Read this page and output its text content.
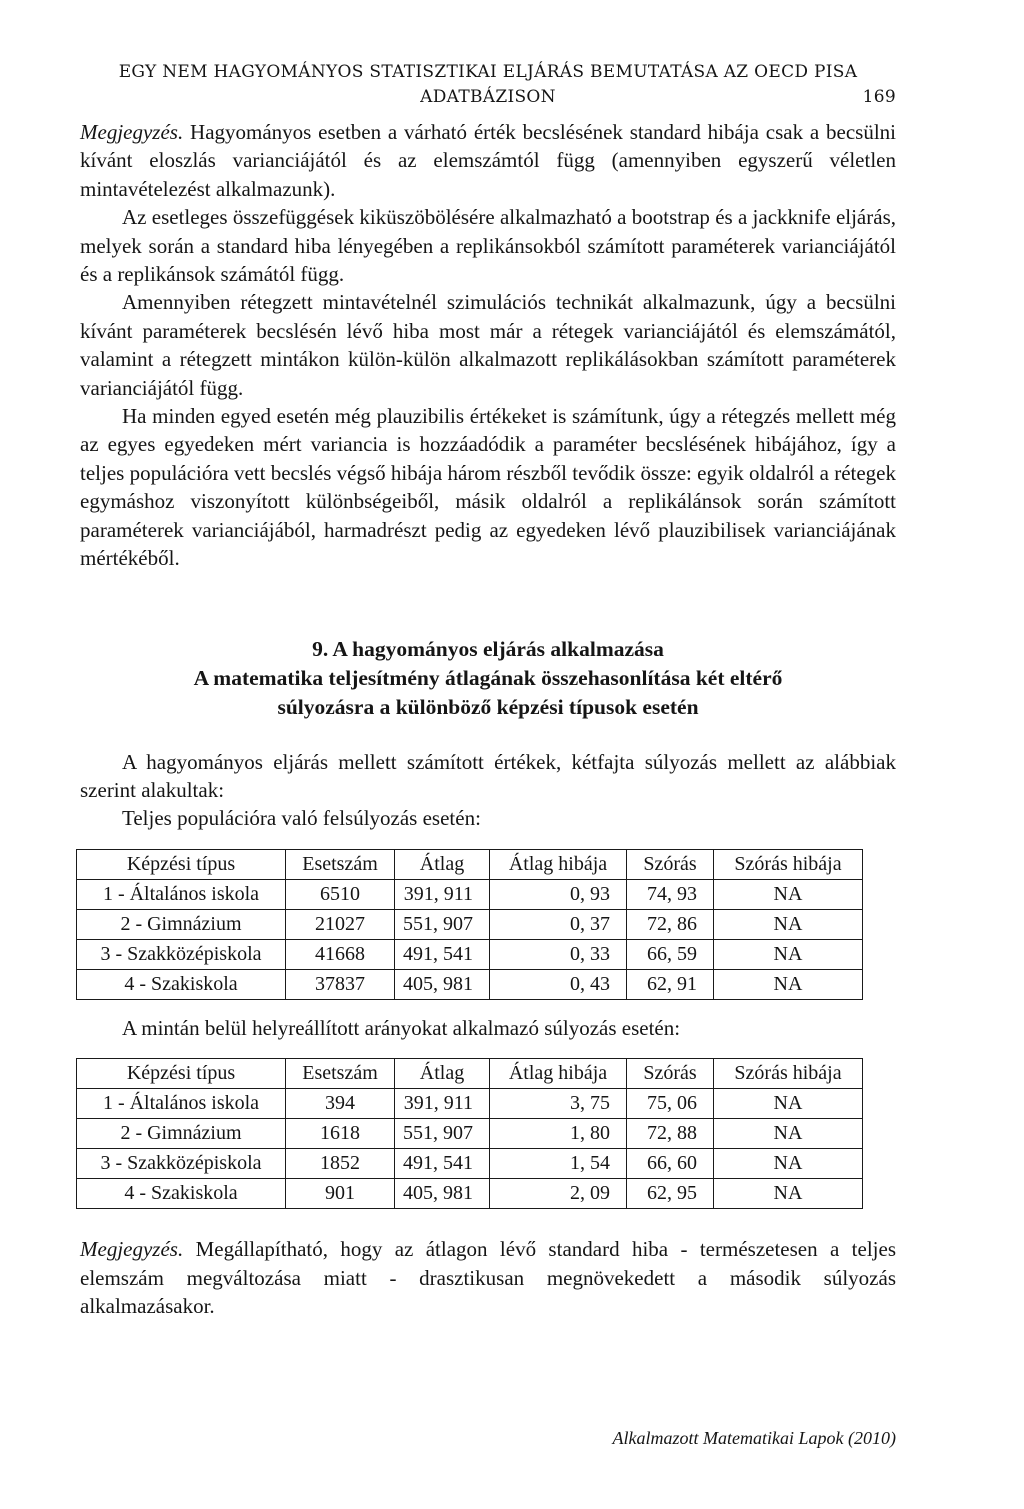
EGY NEM HAGYOMÁNYOS STATISZTIKAI ELJÁRÁS BEMUTATÁSA AZ OECD PISA
ADATBÁZISON	169

Megjegyzés. Hagyományos esetben a várható érték becslésének standard hibája csak a becsülni kívánt eloszlás varianciájától és az elemszámtól függ (amennyiben egyszerű véletlen mintavételezést alkalmazunk).

Az esetleges összefüggések kiküszöbölésére alkalmazható a bootstrap és a jackknife eljárás, melyek során a standard hiba lényegében a replikánsokból számított paraméterek varianciájától és a replikánsok számától függ.

Amennyiben rétegzett mintavételnél szimulációs technikát alkalmazunk, úgy a becsülni kívánt paraméterek becslésén lévő hiba most már a rétegek varianciájától és elemszámától, valamint a rétegzett mintákon külön-külön alkalmazott replikálásokban számított paraméterek varianciájától függ.

Ha minden egyed esetén még plauzibilis értékeket is számítunk, úgy a rétegzés mellett még az egyes egyedeken mért variancia is hozzáadódik a paraméter becslésének hibájához, így a teljes populációra vett becslés végső hibája három részből tevődik össze: egyik oldalról a rétegek egymáshoz viszonyított különbségeiből, másik oldalról a replikálánsok során számított paraméterek varianciájából, harmadrészt pedig az egyedeken lévő plauzibilisek varianciájának mértékéből.

9. A hagyományos eljárás alkalmazása
A matematika teljesítmény átlagának összehasonlítása két eltérő
súlyozásra a különböző képzési típusok esetén

A hagyományos eljárás mellett számított értékek, kétfajta súlyozás mellett az alábbiak szerint alakultak:

Teljes populációra való felsúlyozás esetén:

Képzési típus	Esetszám	Átlag	Átlag hibája	Szórás	Szórás hibája
1 - Általános iskola	6510	391, 911	0, 93	74, 93	NA
2 - Gimnázium	21027	551, 907	0, 37	72, 86	NA
3 - Szakközépiskola	41668	491, 541	0, 33	66, 59	NA
4 - Szakiskola	37837	405, 981	0, 43	62, 91	NA

A mintán belül helyreállított arányokat alkalmazó súlyozás esetén:

Képzési típus	Esetszám	Átlag	Átlag hibája	Szórás	Szórás hibája
1 - Általános iskola	394	391, 911	3, 75	75, 06	NA
2 - Gimnázium	1618	551, 907	1, 80	72, 88	NA
3 - Szakközépiskola	1852	491, 541	1, 54	66, 60	NA
4 - Szakiskola	901	405, 981	2, 09	62, 95	NA

Megjegyzés. Megállapítható, hogy az átlagon lévő standard hiba - természetesen a teljes elemszám megváltozása miatt - drasztikusan megnövekedett a második súlyozás alkalmazásakor.

Alkalmazott Matematikai Lapok (2010)
